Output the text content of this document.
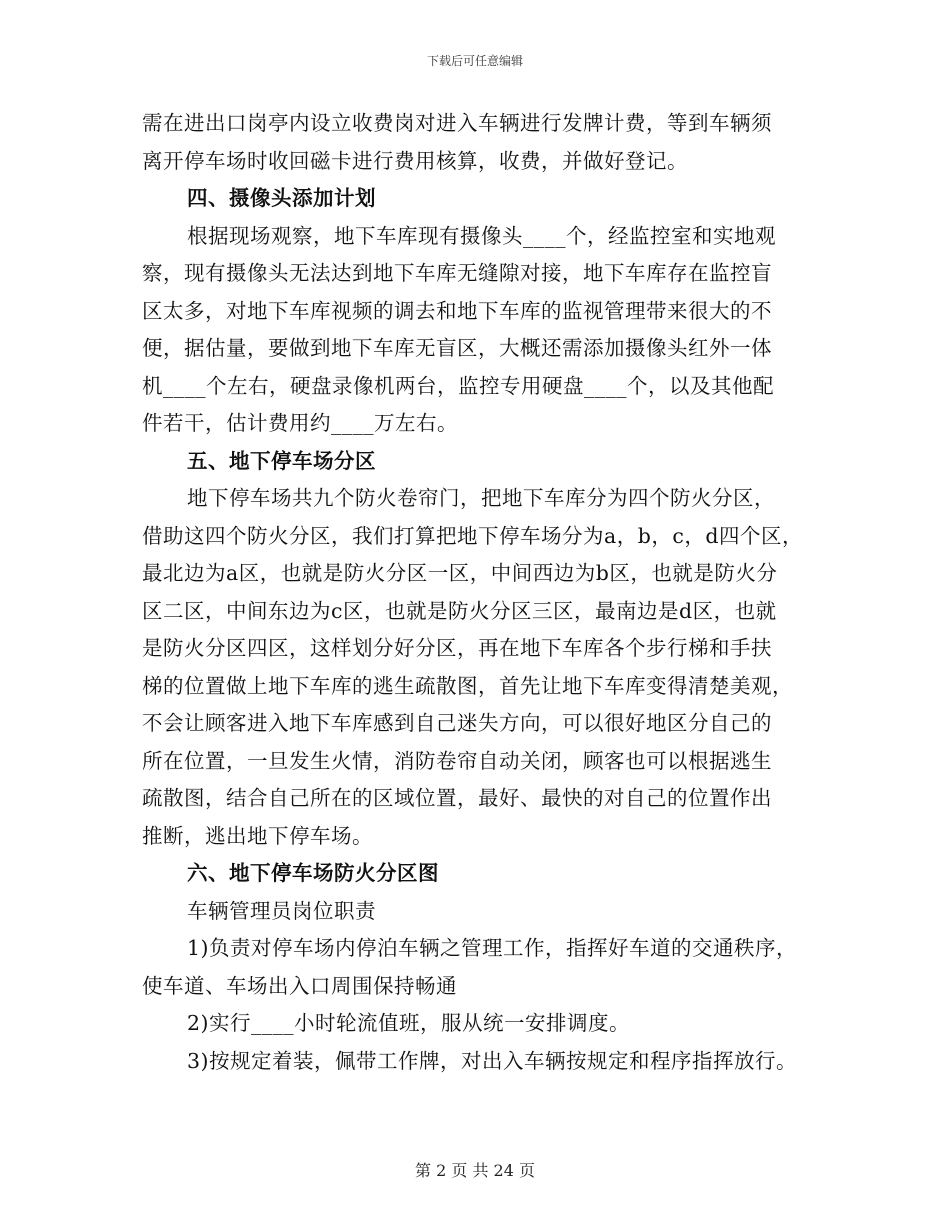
下载后可任意编辑

需在进出口岗亭内设立收费岗对进入车辆进行发牌计费，等到车辆须

离开停车场时收回磁卡进行费用核算，收费，并做好登记。

四、摄像头添加计划

根据现场观察，地下车库现有摄像头____个，经监控室和实地观

察，现有摄像头无法达到地下车库无缝隙对接，地下车库存在监控盲

区太多，对地下车库视频的调去和地下车库的监视管理带来很大的不

便，据估量，要做到地下车库无盲区，大概还需添加摄像头红外一体

机____个左右，硬盘录像机两台，监控专用硬盘____个，以及其他配

件若干，估计费用约____万左右。

五、地下停车场分区

地下停车场共九个防火卷帘门，把地下车库分为四个防火分区，

借助这四个防火分区，我们打算把地下停车场分为a，b，c，d四个区，

最北边为a区，也就是防火分区一区，中间西边为b区，也就是防火分

区二区，中间东边为c区，也就是防火分区三区，最南边是d区，也就

是防火分区四区，这样划分好分区，再在地下车库各个步行梯和手扶

梯的位置做上地下车库的逃生疏散图，首先让地下车库变得清楚美观，

不会让顾客进入地下车库感到自己迷失方向，可以很好地区分自己的

所在位置，一旦发生火情，消防卷帘自动关闭，顾客也可以根据逃生

疏散图，结合自己所在的区域位置，最好、最快的对自己的位置作出

推断，逃出地下停车场。

六、地下停车场防火分区图

车辆管理员岗位职责

1)负责对停车场内停泊车辆之管理工作，指挥好车道的交通秩序，

使车道、车场出入口周围保持畅通

2)实行____小时轮流值班，服从统一安排调度。

3)按规定着装，佩带工作牌，对出入车辆按规定和程序指挥放行。

第 2 页 共 24 页
